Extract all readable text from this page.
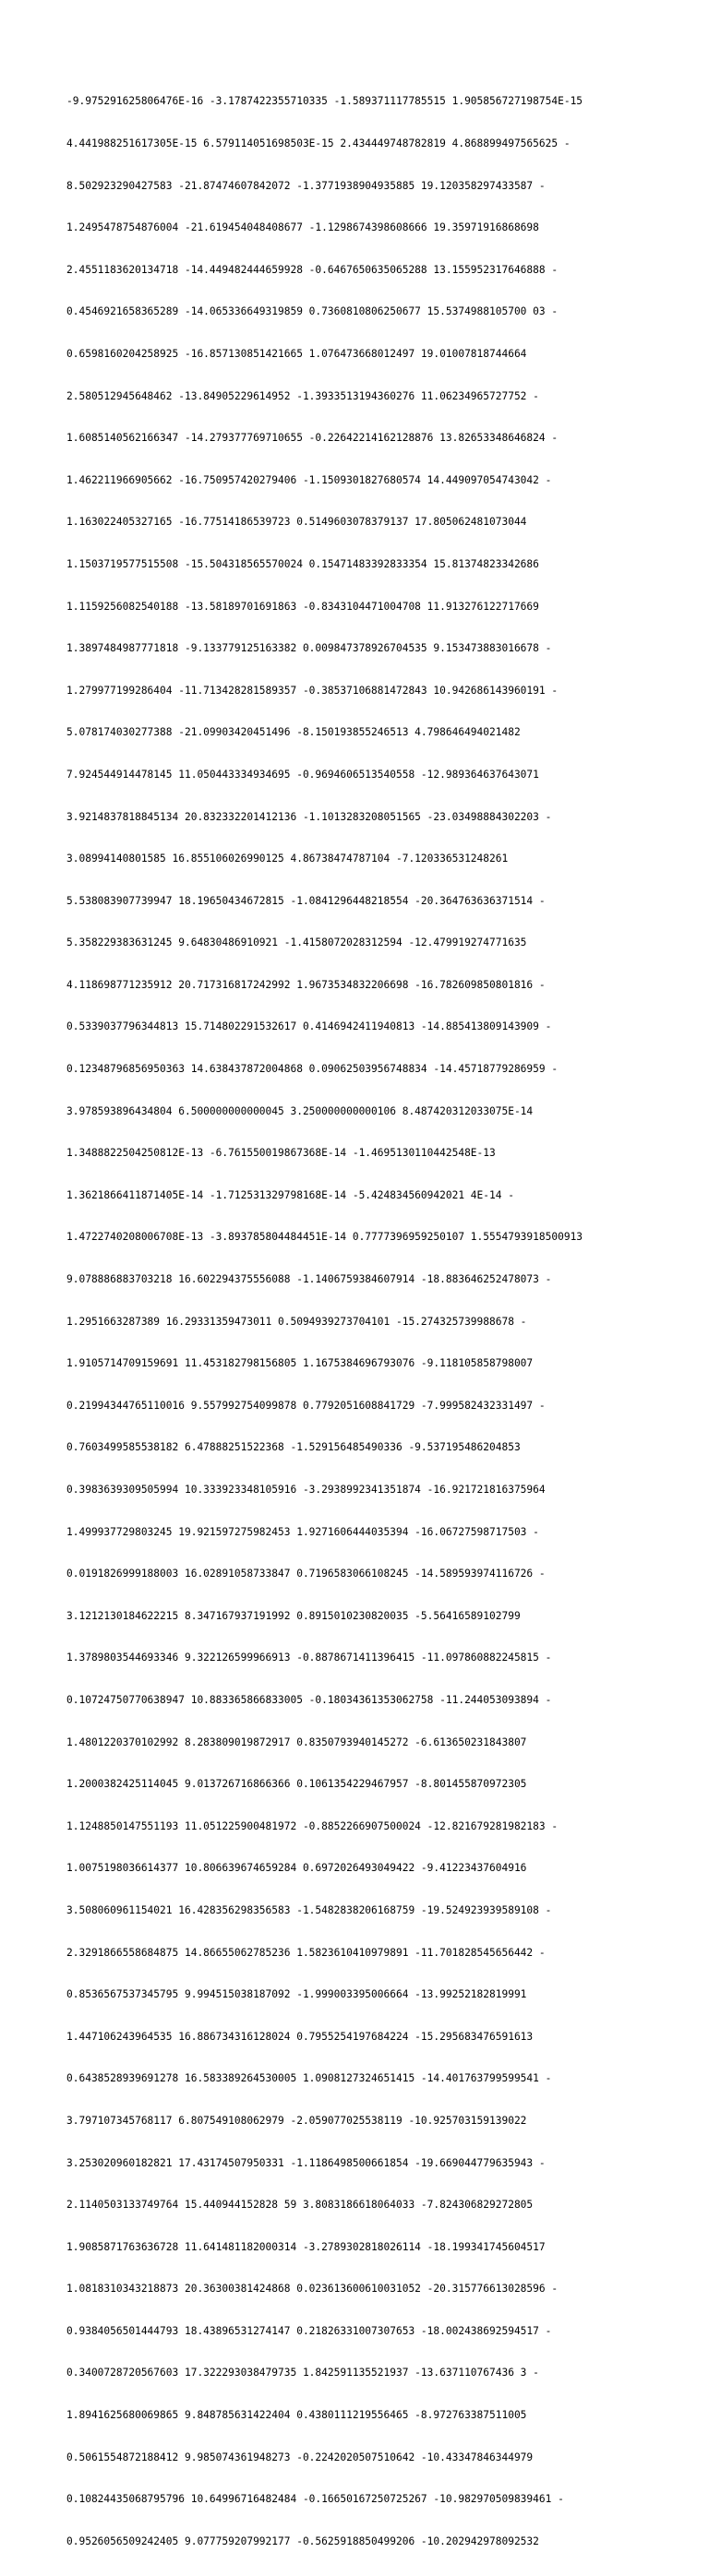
-9.975291625806476E-16 -3.1787422355710335 -1.589371117785515 1.905856727198754E-15

4.441988251617305E-15 6.579114051698503E-15 2.434449748782819 4.868899497565625 -

8.502923290427583 -21.87474607842072 -1.3771938904935885 19.120358297433587 -

1.2495478754876004 -21.619454048408677 -1.1298674398608666 19.35971916868698

2.4551183620134718 -14.449482444659928 -0.6467650635065288 13.155952317646888 -

0.4546921658365289 -14.065336649319859 0.7360810806250677 15.5374988105700 03 -

0.6598160204258925 -16.857130851421665 1.076473668012497 19.01007818744664

2.580512945648462 -13.84905229614952 -1.3933513194360276 11.06234965727752 -

1.6085140562166347 -14.279377769710655 -0.22642214162128876 13.82653348646824 -

1.462211966905662 -16.750957420279406 -1.1509301827680574 14.449097054743042 -

1.163022405327165 -16.77514186539723 0.5149603078379137 17.805062481073044

1.1503719577515508 -15.504318565570024 0.15471483392833354 15.81374823342686

1.1159256082540188 -13.58189701691863 -0.8343104471004708 11.913276122717669

1.3897484987771818 -9.133779125163382 0.009847378926704535 9.153473883016678 -

1.279977199286404 -11.713428281589357 -0.38537106881472843 10.942686143960191 -

5.078174030277388 -21.09903420451496 -8.150193855246513 4.798646494021482

7.924544914478145 11.050443334934695 -0.9694606513540558 -12.989364637643071

3.9214837818845134 20.832332201412136 -1.1013283208051565 -23.03498884302203 -

3.08994140801585 16.855106026990125 4.86738474787104 -7.120336531248261

5.538083907739947 18.19650434672815 -1.0841296448218554 -20.364763636371514 -

5.358229383631245 9.64830486910921 -1.4158072028312594 -12.479919274771635

4.118698771235912 20.717316817242992 1.9673534832206698 -16.782609850801816 -

0.5339037796344813 15.714802291532617 0.4146942411940813 -14.885413809143909 -

0.12348796856950363 14.638437872004868 0.09062503956748834 -14.45718779286959 -

3.978593896434804 6.500000000000045 3.250000000000106 8.487420312033075E-14

1.3488822504250812E-13 -6.761550019867368E-14 -1.4695130110442548E-13

1.3621866411871405E-14 -1.712531329798168E-14 -5.424834560942021 4E-14 -

1.4722740208006708E-13 -3.893785804484451E-14 0.7777396959250107 1.5554793918500913

9.078886883703218 16.602294375556088 -1.1406759384607914 -18.883646252478073 -

1.2951663287389 16.29331359473011 0.5094939273704101 -15.274325739988678 -

1.9105714709159691 11.453182798156805 1.1675384696793076 -9.118105858798007

0.21994344765110016 9.557992754099878 0.7792051608841729 -7.999582432331497 -

0.7603499585538182 6.47888251522368 -1.529156485490336 -9.537195486204853

0.3983639309505994 10.333923348105916 -3.2938992341351874 -16.921721816375964

1.499937729803245 19.921597275982453 1.9271606444035394 -16.06727598717503 -

0.0191826999188003 16.02891058733847 0.7196583066108245 -14.589593974116726 -

3.1212130184622215 8.347167937191992 0.8915010230820035 -5.56416589102799

1.3789803544693346 9.322126599966913 -0.8878671411396415 -11.097860882245815 -

0.10724750770638947 10.883365866833005 -0.18034361353062758 -11.244053093894 -

1.4801220370102992 8.283809019872917 0.8350793940145272 -6.613650231843807

1.2000382425114045 9.013726716866366 0.1061354229467957 -8.801455870972305

1.1248850147551193 11.051225900481972 -0.8852266907500024 -12.821679281982183 -

1.0075198036614377 10.806639674659284 0.6972026493049422 -9.41223437604916

3.508060961154021 16.428356298356583 -1.5482838206168759 -19.524923939589108 -

2.3291866558684875 14.86655062785236 1.5823610410979891 -11.701828545656442 -

0.8536567537345795 9.994515038187092 -1.999003395006664 -13.99252182819991

1.447106243964535 16.886734316128024 0.7955254197684224 -15.295683476591613

0.6438528939691278 16.583389264530005 1.0908127324651415 -14.401763799599541 -

3.797107345768117 6.807549108062979 -2.059077025538119 -10.925703159139022

3.253020960182821 17.43174507950331 -1.1186498500661854 -19.669044779635943 -

2.1140503133749764 15.440944152828 59 3.8083186618064033 -7.824306829272805

1.9085871763636728 11.641481182000314 -3.2789302818026114 -18.199341745604517

1.0818310343218873 20.36300381424868 0.023613600610031052 -20.315776613028596 -

0.9384056501444793 18.43896531274147 0.21826331007307653 -18.002438692594517 -

0.3400728720567603 17.322293038479735 1.842591135521937 -13.637110767436 3 -

1.8941625680069865 9.848785631422404 0.4380111219556465 -8.972763387511005

0.5061554872188412 9.985074361948273 -0.2242020507510642 -10.43347846344979

0.10824435068795796 10.64996716482484 -0.16650167250725267 -10.982970509839461 -

0.9526056509242405 9.077759207992177 -0.5625918850499206 -10.202942978092532
